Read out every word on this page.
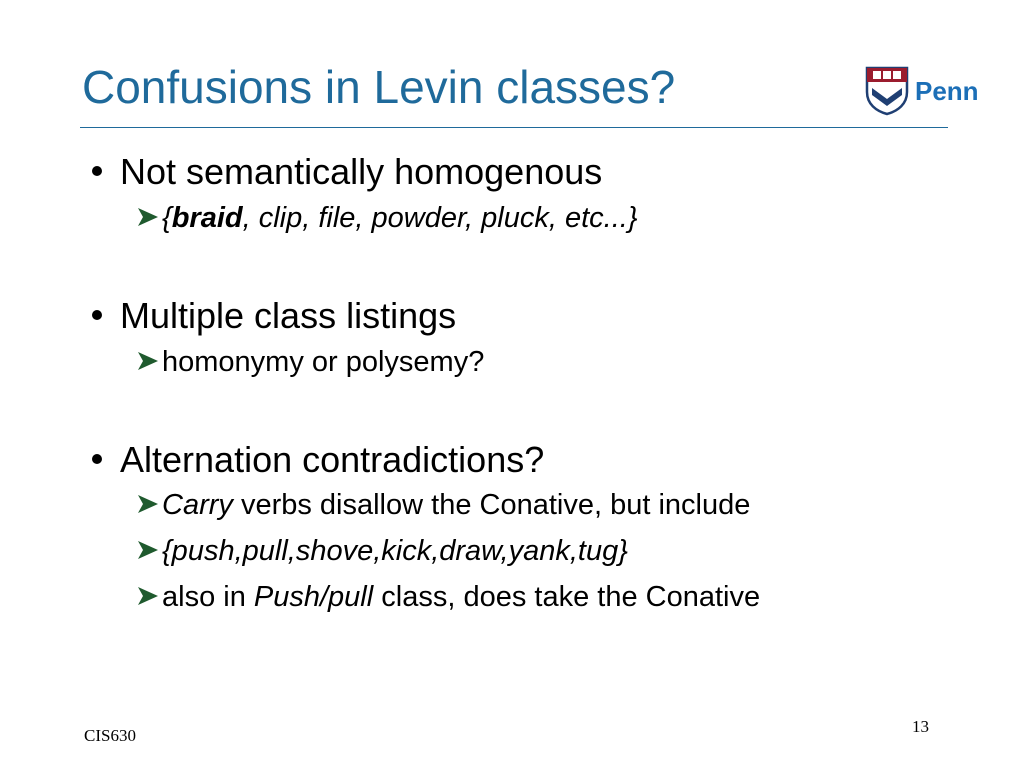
Confusions in Levin classes?	Penn
Not semantically homogenous
{braid, clip, file, powder, pluck, etc...}
Multiple class listings
homonymy or polysemy?
Alternation contradictions?
Carry verbs disallow the Conative, but include
{push,pull,shove,kick,draw,yank,tug}
also in Push/pull class, does take the Conative
CIS630	13
